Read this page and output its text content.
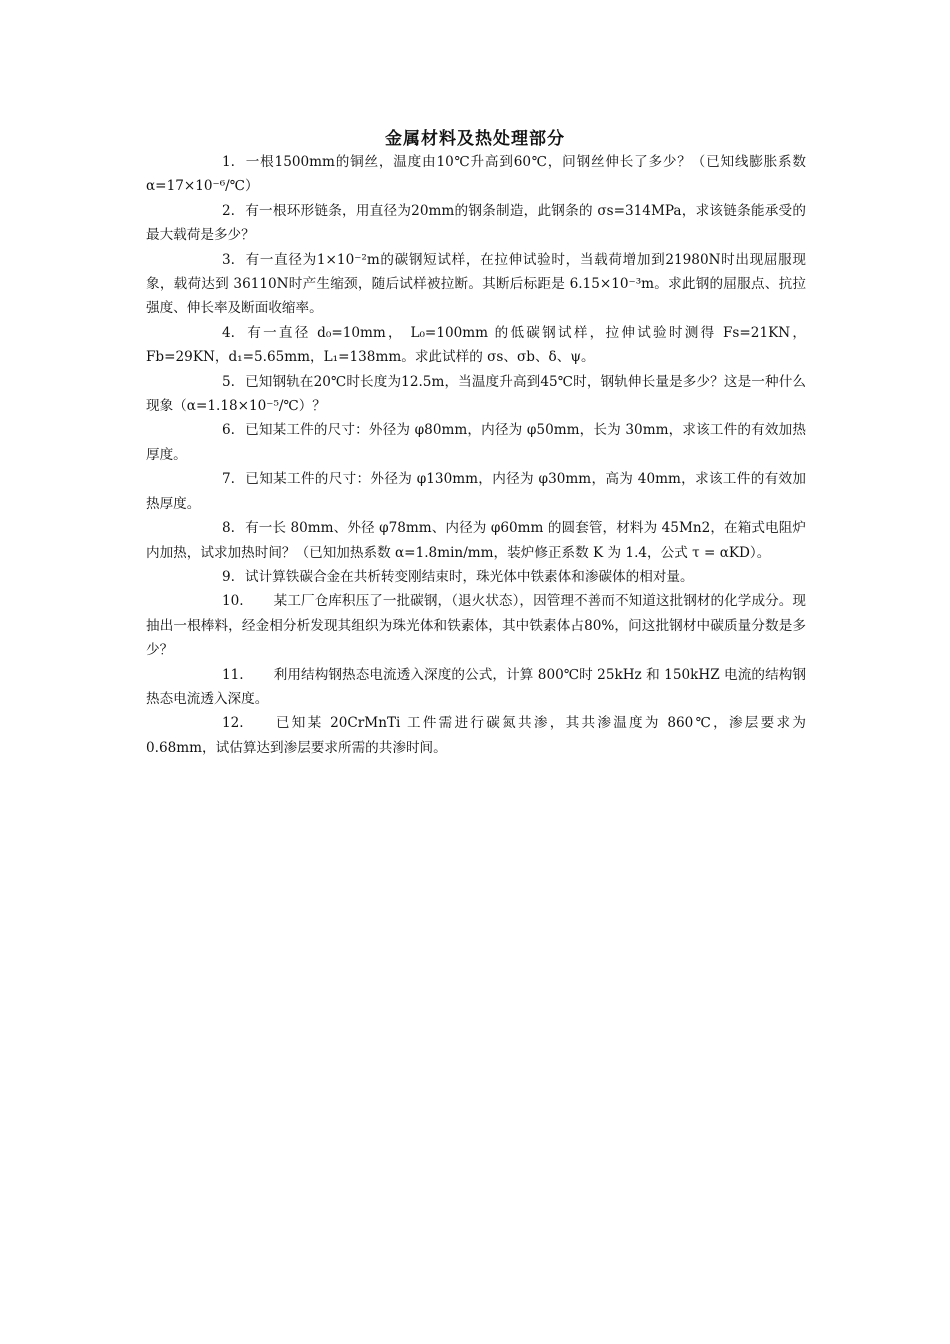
金属材料及热处理部分

1. 一根1500mm的铜丝，温度由10℃升高到60℃，问钢丝伸长了多少？（已知线膨胀系数 α=17×10⁻⁶/℃）

2. 有一根环形链条，用直径为20mm的钢条制造，此钢条的 σs=314MPa，求该链条能承受的最大载荷是多少？

3. 有一直径为1×10⁻²m的碳钢短试样，在拉伸试验时，当载荷增加到21980N时出现屈服现象，载荷达到 36110N时产生缩颈，随后试样被拉断。其断后标距是 6.15×10⁻³m。求此钢的屈服点、抗拉强度、伸长率及断面收缩率。

4. 有一直径 d₀=10mm， L₀=100mm 的低碳钢试样，拉伸试验时测得 Fs=21KN，Fb=29KN，d₁=5.65mm，L₁=138mm。求此试样的 σs、σb、δ、ψ。

5. 已知钢轨在20℃时长度为12.5m，当温度升高到45℃时，钢轨伸长量是多少？这是一种什么现象（α=1.18×10⁻⁵/℃）？

6. 已知某工件的尺寸：外径为 φ80mm，内径为 φ50mm，长为 30mm，求该工件的有效加热厚度。

7. 已知某工件的尺寸：外径为 φ130mm，内径为 φ30mm，高为 40mm，求该工件的有效加热厚度。

8. 有一长 80mm、外径 φ78mm、内径为 φ60mm 的圆套管，材料为 45Mn2，在箱式电阻炉内加热，试求加热时间？（已知加热系数 α=1.8min/mm，装炉修正系数 K 为 1.4，公式 τ = αKD）。

9. 试计算铁碳合金在共析转变刚结束时，珠光体中铁素体和渗碳体的相对量。

10. 某工厂仓库积压了一批碳钢，（退火状态），因管理不善而不知道这批钢材的化学成分。现抽出一根棒料，经金相分析发现其组织为珠光体和铁素体，其中铁素体占80%，问这批钢材中碳质量分数是多少？

11. 利用结构钢热态电流透入深度的公式，计算 800℃时 25kHz 和 150kHZ 电流的结构钢热态电流透入深度。

12. 已知某 20CrMnTi 工件需进行碳氮共渗，其共渗温度为 860℃，渗层要求为 0.68mm，试估算达到渗层要求所需的共渗时间。
